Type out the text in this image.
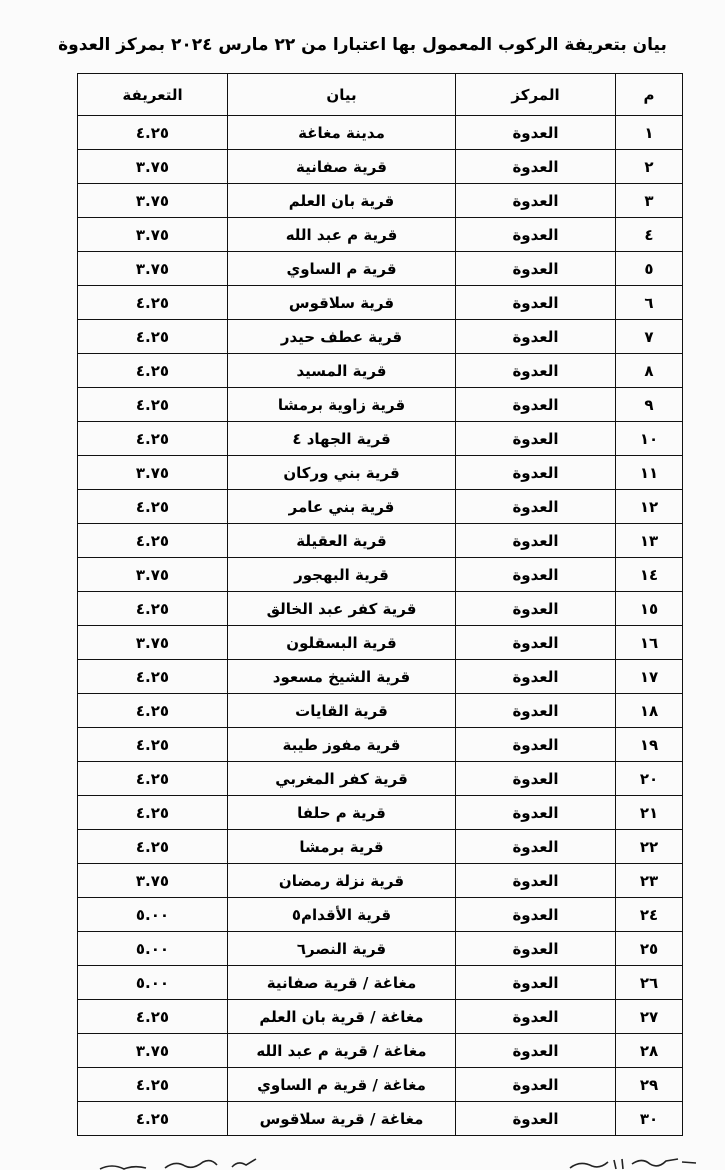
بيان بتعريفة الركوب المعمول بها اعتبارا من ٢٢ مارس ٢٠٢٤ بمركز العدوة
م	المركز	بيان	التعريفة
١	العدوة	مدينة مغاغة	٤.٢٥
٢	العدوة	قرية صفانية	٣.٧٥
٣	العدوة	قرية بان العلم	٣.٧٥
٤	العدوة	قرية م عبد الله	٣.٧٥
٥	العدوة	قرية م الساوي	٣.٧٥
٦	العدوة	قرية سلاقوس	٤.٢٥
٧	العدوة	قرية عطف حيدر	٤.٢٥
٨	العدوة	قرية المسيد	٤.٢٥
٩	العدوة	قرية زاوية برمشا	٤.٢٥
١٠	العدوة	قرية الجهاد ٤	٤.٢٥
١١	العدوة	قرية بني وركان	٣.٧٥
١٢	العدوة	قرية بني عامر	٤.٢٥
١٣	العدوة	قرية العقيلة	٤.٢٥
١٤	العدوة	قرية البهجور	٣.٧٥
١٥	العدوة	قرية كفر عبد الخالق	٤.٢٥
١٦	العدوة	قرية البسقلون	٣.٧٥
١٧	العدوة	قرية الشيخ مسعود	٤.٢٥
١٨	العدوة	قرية القايات	٤.٢٥
١٩	العدوة	قرية مفوز طيبة	٤.٢٥
٢٠	العدوة	قرية كفر المغربي	٤.٢٥
٢١	العدوة	قرية م حلفا	٤.٢٥
٢٢	العدوة	قرية برمشا	٤.٢٥
٢٣	العدوة	قرية نزلة رمضان	٣.٧٥
٢٤	العدوة	قرية الأقدام٥	٥.٠٠
٢٥	العدوة	قرية النصر٦	٥.٠٠
٢٦	العدوة	مغاغة / قرية صفانية	٥.٠٠
٢٧	العدوة	مغاغة / قرية بان العلم	٤.٢٥
٢٨	العدوة	مغاغة / قرية م عبد الله	٣.٧٥
٢٩	العدوة	مغاغة / قرية م الساوي	٤.٢٥
٣٠	العدوة	مغاغة / قرية سلاقوس	٤.٢٥
